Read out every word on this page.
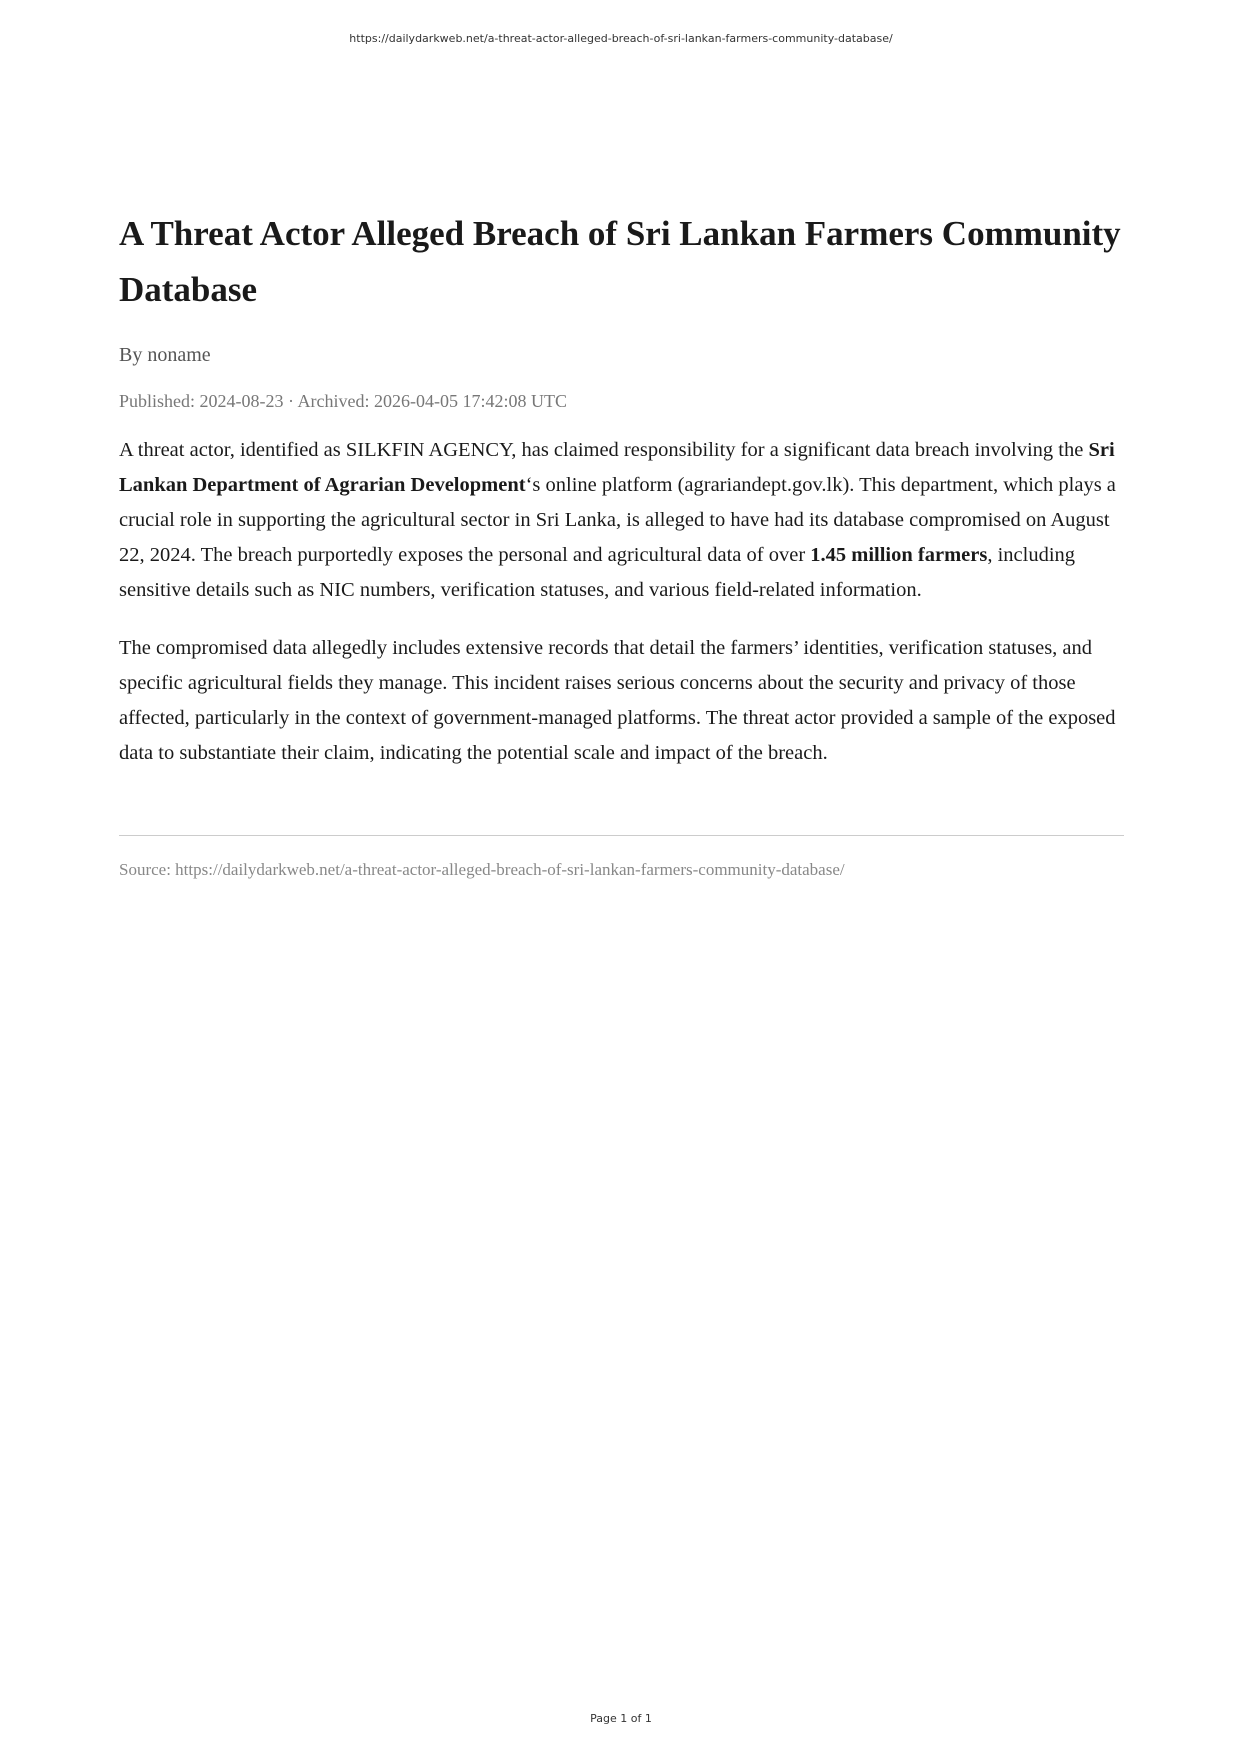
https://dailydarkweb.net/a-threat-actor-alleged-breach-of-sri-lankan-farmers-community-database/
A Threat Actor Alleged Breach of Sri Lankan Farmers Community Database
By noname
Published: 2024-08-23 · Archived: 2026-04-05 17:42:08 UTC

A threat actor, identified as SILKFIN AGENCY, has claimed responsibility for a significant data breach involving the Sri Lankan Department of Agrarian Development‘s online platform (agrariandept.gov.lk). This department, which plays a crucial role in supporting the agricultural sector in Sri Lanka, is alleged to have had its database compromised on August 22, 2024. The breach purportedly exposes the personal and agricultural data of over 1.45 million farmers, including sensitive details such as NIC numbers, verification statuses, and various field-related information.

The compromised data allegedly includes extensive records that detail the farmers’ identities, verification statuses, and specific agricultural fields they manage. This incident raises serious concerns about the security and privacy of those affected, particularly in the context of government-managed platforms. The threat actor provided a sample of the exposed data to substantiate their claim, indicating the potential scale and impact of the breach.

Source: https://dailydarkweb.net/a-threat-actor-alleged-breach-of-sri-lankan-farmers-community-database/
Page 1 of 1
